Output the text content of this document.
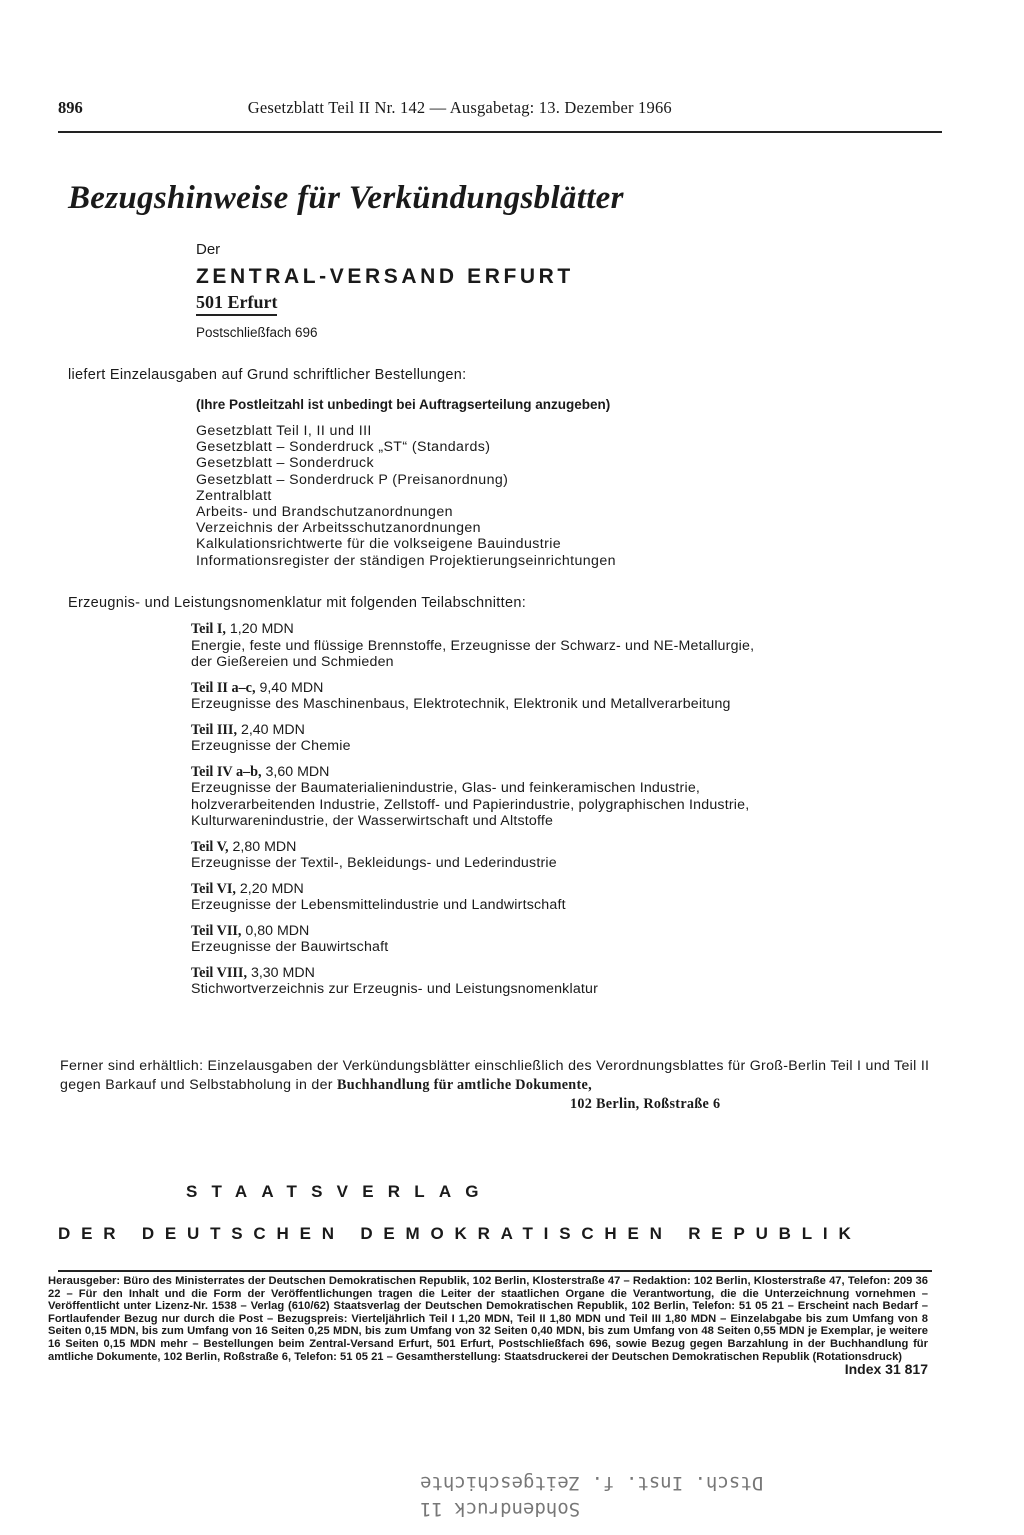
896	Gesetzblatt Teil II Nr. 142 — Ausgabetag: 13. Dezember 1966
Bezugshinweise für Verkündungsblätter
Der
ZENTRAL-VERSAND ERFURT
501 Erfurt
Postschließfach 696
liefert Einzelausgaben auf Grund schriftlicher Bestellungen:
(Ihre Postleitzahl ist unbedingt bei Auftragserteilung anzugeben)
Gesetzblatt Teil I, II und III
Gesetzblatt – Sonderdruck „ST“ (Standards)
Gesetzblatt – Sonderdruck
Gesetzblatt – Sonderdruck P (Preisanordnung)
Zentralblatt
Arbeits- und Brandschutzanordnungen
Verzeichnis der Arbeitsschutzanordnungen
Kalkulationsrichtwerte für die volkseigene Bauindustrie
Informationsregister der ständigen Projektierungseinrichtungen
Erzeugnis- und Leistungsnomenklatur mit folgenden Teilabschnitten:
Teil I, 1,20 MDN
Energie, feste und flüssige Brennstoffe, Erzeugnisse der Schwarz- und NE-Metallurgie,
der Gießereien und Schmieden
Teil II a–c, 9,40 MDN
Erzeugnisse des Maschinenbaus, Elektrotechnik, Elektronik und Metallverarbeitung
Teil III, 2,40 MDN
Erzeugnisse der Chemie
Teil IV a–b, 3,60 MDN
Erzeugnisse der Baumaterialienindustrie, Glas- und feinkeramischen Industrie,
holzverarbeitenden Industrie, Zellstoff- und Papierindustrie, polygraphischen Industrie,
Kulturwarenindustrie, der Wasserwirtschaft und Altstoffe
Teil V, 2,80 MDN
Erzeugnisse der Textil-, Bekleidungs- und Lederindustrie
Teil VI, 2,20 MDN
Erzeugnisse der Lebensmittelindustrie und Landwirtschaft
Teil VII, 0,80 MDN
Erzeugnisse der Bauwirtschaft
Teil VIII, 3,30 MDN
Stichwortverzeichnis zur Erzeugnis- und Leistungsnomenklatur
Ferner sind erhältlich: Einzelausgaben der Verkündungsblätter einschließlich des Verordnungsblattes für Groß-Berlin Teil I und Teil II gegen Barkauf und Selbstabholung in der Buchhandlung für amtliche Dokumente,
102 Berlin, Roßstraße 6
STAATSVERLAG
DER DEUTSCHEN DEMOKRATISCHEN REPUBLIK
Herausgeber: Büro des Ministerrates der Deutschen Demokratischen Republik, 102 Berlin, Klosterstraße 47 – Redaktion: 102 Berlin, Klosterstraße 47, Telefon: 209 36 22 – Für den Inhalt und die Form der Veröffentlichungen tragen die Leiter der staatlichen Organe die Verantwortung, die die Unterzeichnung vornehmen – Veröffentlicht unter Lizenz-Nr. 1538 – Verlag (610/62) Staatsverlag der Deutschen Demokratischen Republik, 102 Berlin, Telefon: 51 05 21 – Erscheint nach Bedarf – Fortlaufender Bezug nur durch die Post – Bezugspreis: Vierteljährlich Teil I 1,20 MDN, Teil II 1,80 MDN und Teil III 1,80 MDN – Einzelabgabe bis zum Umfang von 8 Seiten 0,15 MDN, bis zum Umfang von 16 Seiten 0,25 MDN, bis zum Umfang von 32 Seiten 0,40 MDN, bis zum Umfang von 48 Seiten 0,55 MDN je Exemplar, je weitere 16 Seiten 0,15 MDN mehr – Bestellungen beim Zentral-Versand Erfurt, 501 Erfurt, Postschließfach 696, sowie Bezug gegen Barzahlung in der Buchhandlung für amtliche Dokumente, 102 Berlin, Roßstraße 6, Telefon: 51 05 21 – Gesamtherstellung: Staatsdruckerei der Deutschen Demokratischen Republik (Rotationsdruck)
Index 31 817
Sohdendruck 11
Dtsch. Inst. f. Zeitgeschichte
